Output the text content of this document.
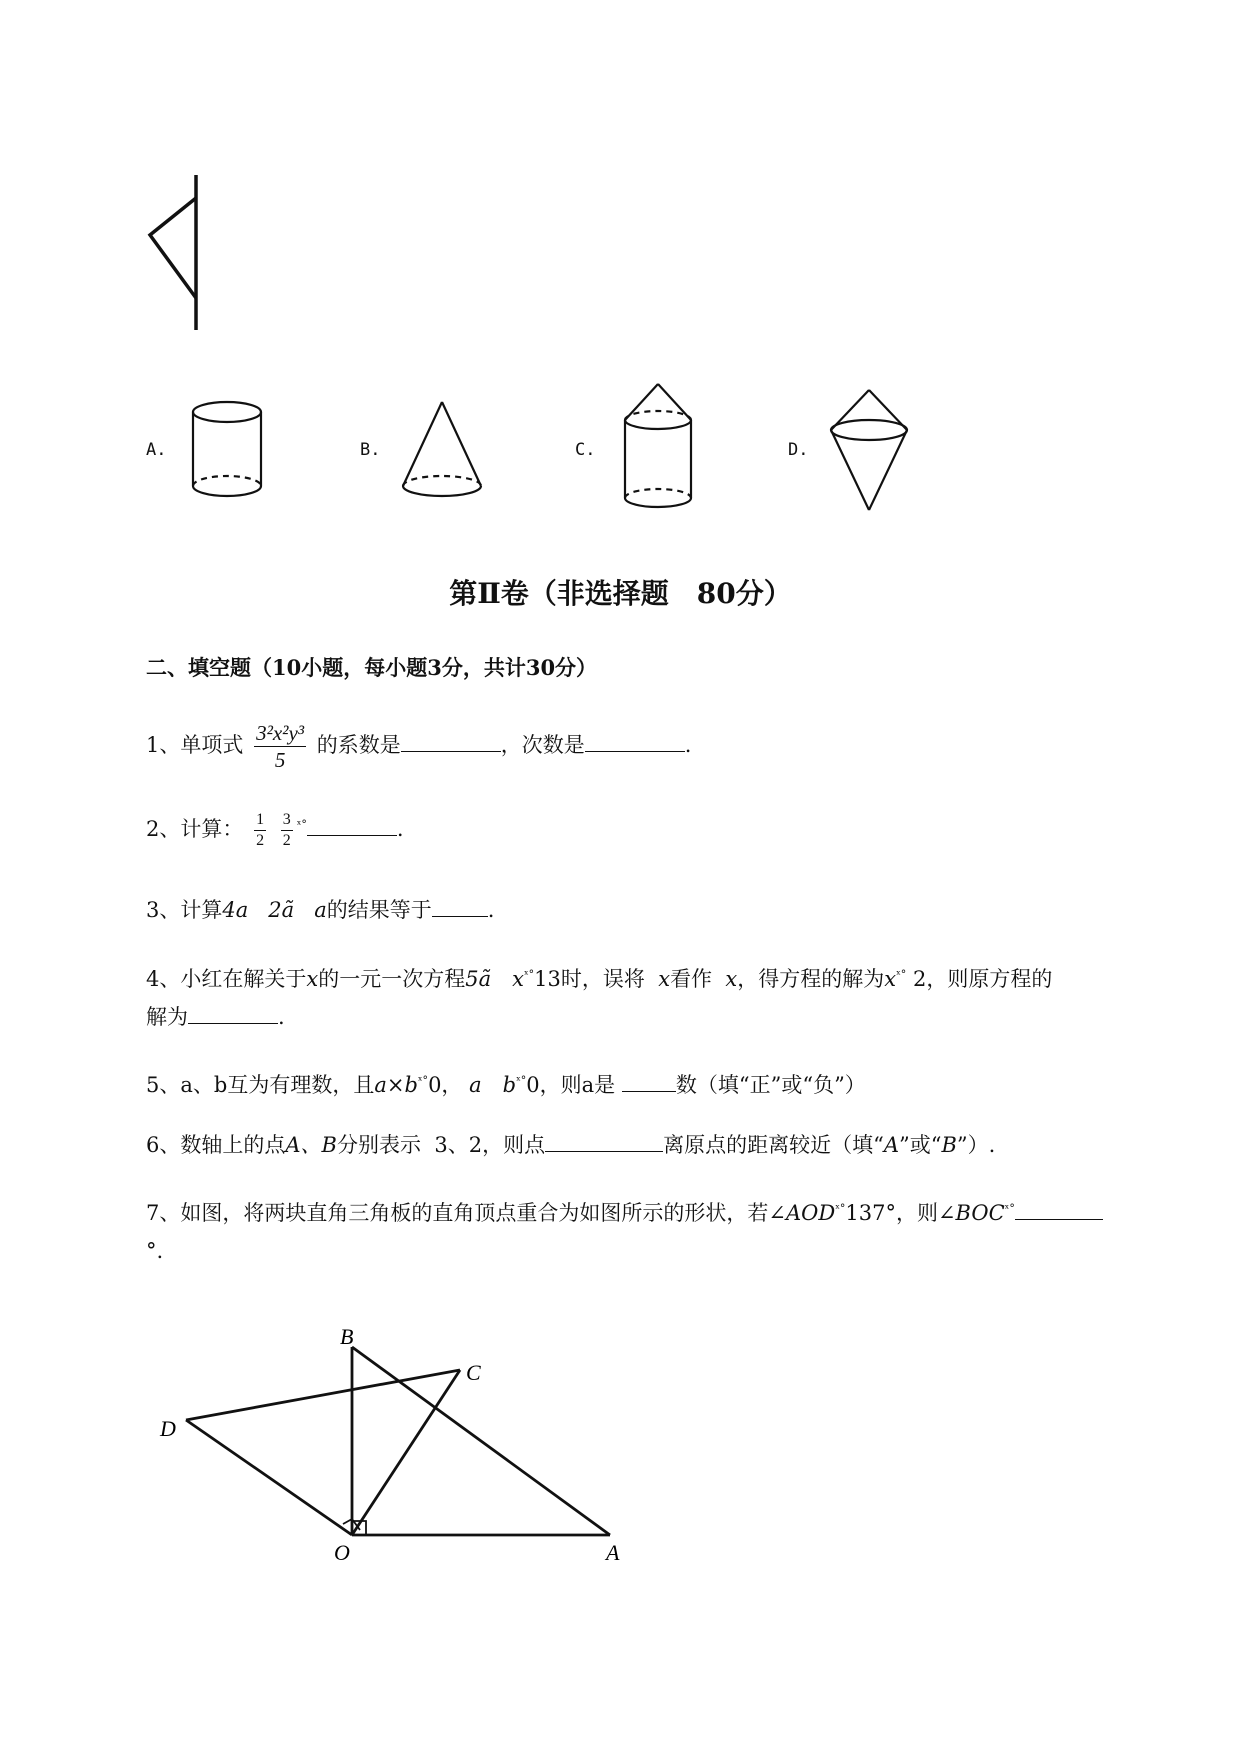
A.	B.	C.	D.
第Ⅱ卷（非选择题　80分）
二、填空题（10小题，每小题3分，共计30分）
1、单项式 $\frac{\text{3²x²y³}}{5}$ 的系数是	，次数是	.
2、计算： $\frac{1}{2}$
$\frac{3}{2} ^{ˣ^\circ}$	.
3、计算4a 2ã a的结果等于	.
4、小红在解关于x的一元一次方程5ã　$x^{ˣ^\circ}13$时，误将 x看作 x，得方程的解为$x^{ˣ^\circ}$ 2，则原方程的
解为	.
5、a、b互为有理数，且$a\times b^{ˣ^\circ}0$， a　$b^{ˣ^\circ}0$，则a是	数（填“正”或“负”）
6、数轴上的点A、B分别表示 3、2，则点	离原点的距离较近（填“A”或“B”）.
7、如图，将两块直角三角板的直角顶点重合为如图所示的形状，若$\angle AOD^{ˣ^\circ}137^\circ$，则$\angle BOC^{ˣ^\circ}$
°.
B
C
D
O	A
